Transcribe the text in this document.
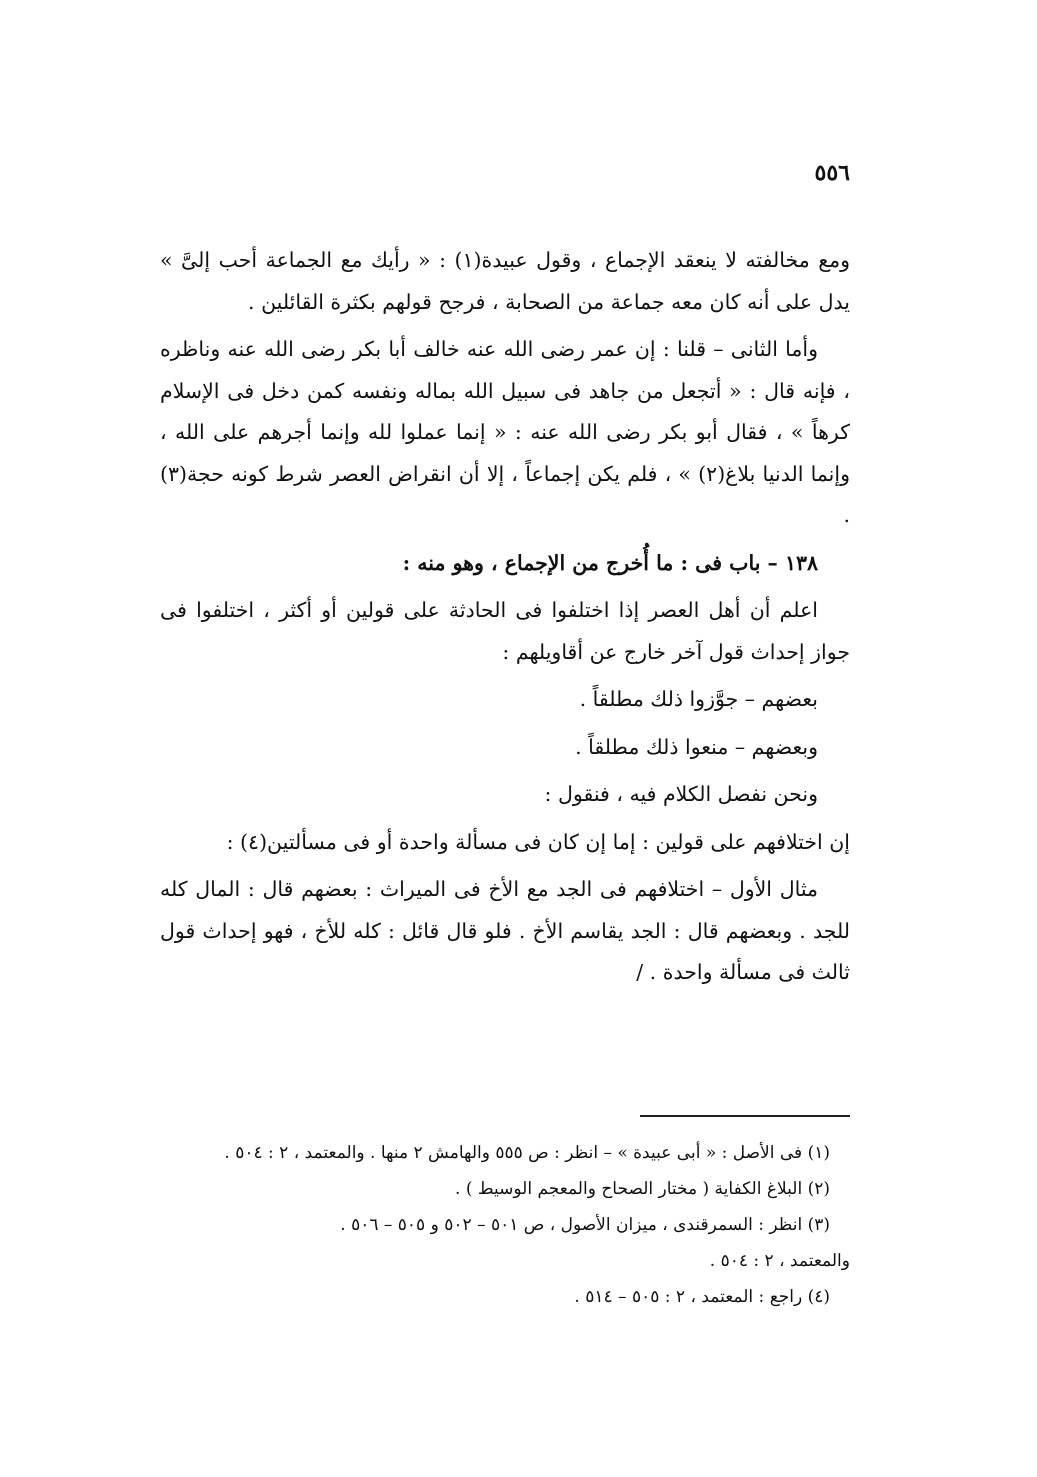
٥٥٦

ومع مخالفته لا ينعقد الإجماع ، وقول عبيدة(١) : « رأيك مع الجماعة أحب إلىَّ » يدل على أنه كان معه جماعة من الصحابة ، فرجح قولهم بكثرة القائلين .

وأما الثانى – قلنا : إن عمر رضى الله عنه خالف أبا بكر رضى الله عنه وناظره ، فإنه قال : « أتجعل من جاهد فى سبيل الله بماله ونفسه كمن دخل فى الإسلام كرهاً » ، فقال أبو بكر رضى الله عنه : « إنما عملوا لله وإنما أجرهم على الله ، وإنما الدنيا بلاغ(٢) » ، فلم يكن إجماعاً ، إلا أن انقراض العصر شرط كونه حجة(٣) .

١٣٨ – باب فى : ما أُخرج من الإجماع ، وهو منه :

اعلم أن أهل العصر إذا اختلفوا فى الحادثة على قولين أو أكثر ، اختلفوا فى جواز إحداث قول آخر خارج عن أقاويلهم :

بعضهم – جوَّزوا ذلك مطلقاً .

وبعضهم – منعوا ذلك مطلقاً .

ونحن نفصل الكلام فيه ، فنقول :

إن اختلافهم على قولين : إما إن كان فى مسألة واحدة أو فى مسألتين(٤) :

مثال الأول – اختلافهم فى الجد مع الأخ فى الميراث : بعضهم قال : المال كله للجد . وبعضهم قال : الجد يقاسم الأخ . فلو قال قائل : كله للأخ ، فهو إحداث قول ثالث فى مسألة واحدة . /

(١) فى الأصل : « أبى عبيدة » – انظر : ص ٥٥٥ والهامش ٢ منها . والمعتمد ، ٢ : ٥٠٤ .

(٢) البلاغ الكفاية ( مختار الصحاح والمعجم الوسيط ) .

(٣) انظر : السمرقندى ، ميزان الأصول ، ص ٥٠١ – ٥٠٢ و ٥٠٥ – ٥٠٦ .

والمعتمد ، ٢ : ٥٠٤ .

(٤) راجع : المعتمد ، ٢ : ٥٠٥ – ٥١٤ .
